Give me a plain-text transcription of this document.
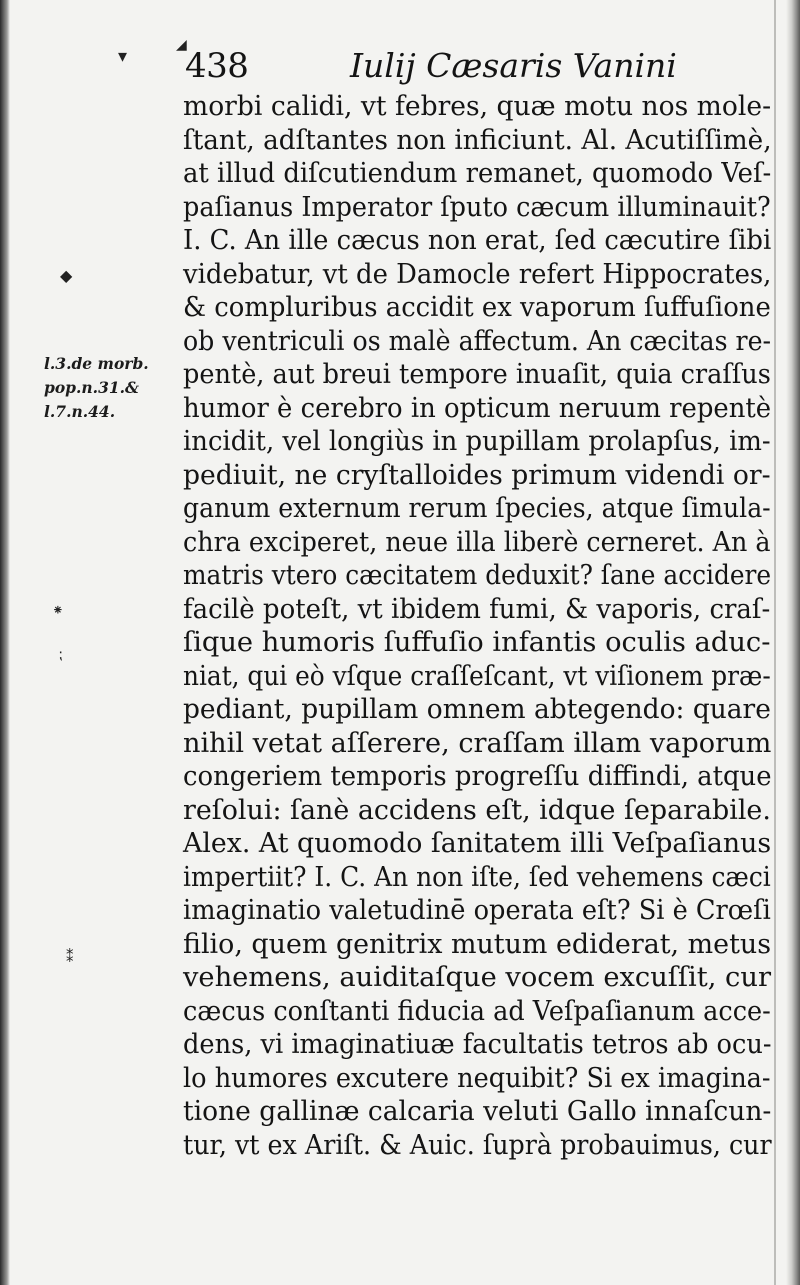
▾
◢
◆
⁕
⁏
⁑
438	Iulij Cæsaris Vanini
l.3.de morb.
pop.n.31.&
l.7.n.44.
morbi calidi, vt febres, quæ motu nos mole-
ſtant, adſtantes non inficiunt. Al. Acutiſſimè,
at illud diſcutiendum remanet, quomodo Veſ-
paſianus Imperator ſputo cæcum illuminauit?
I. C. An ille cæcus non erat, ſed cæcutire ſibi
videbatur, vt de Damocle refert Hippocrates,
& compluribus accidit ex vaporum ſuffuſione
ob ventriculi os malè affectum. An cæcitas re-
pentè, aut breui tempore inuaſit, quia craſſus
humor è cerebro in opticum neruum repentè
incidit, vel longiùs in pupillam prolapſus, im-
pediuit, ne cryſtalloides primum videndi or-
ganum externum rerum ſpecies, atque ſimula-
chra exciperet, neue illa liberè cerneret. An à
matris vtero cæcitatem deduxit? ſane accidere
facilè poteſt, vt ibidem fumi, & vaporis, craſ-
ſique humoris ſuffuſio infantis oculis aduc-
niat, qui eò vſque craſſeſcant, vt viſionem præ-
pediant, pupillam omnem abtegendo: quare
nihil vetat aſſerere, craſſam illam vaporum
congeriem temporis progreſſu diffindi, atque
reſolui: ſanè accidens eſt, idque ſeparabile.
Alex. At quomodo ſanitatem illi Veſpaſianus
impertiit? I. C. An non iſte, ſed vehemens cæci
imaginatio valetudinē operata eſt? Si è Crœſi
filio, quem genitrix mutum ediderat, metus
vehemens, auiditaſque vocem excuſſit, cur
cæcus conſtanti fiducia ad Veſpaſianum acce-
dens, vi imaginatiuæ facultatis tetros ab ocu-
lo humores excutere nequibit? Si ex imagina-
tione gallinæ calcaria veluti Gallo innaſcun-
tur, vt ex Ariſt. & Auic. ſuprà probauimus, cur
